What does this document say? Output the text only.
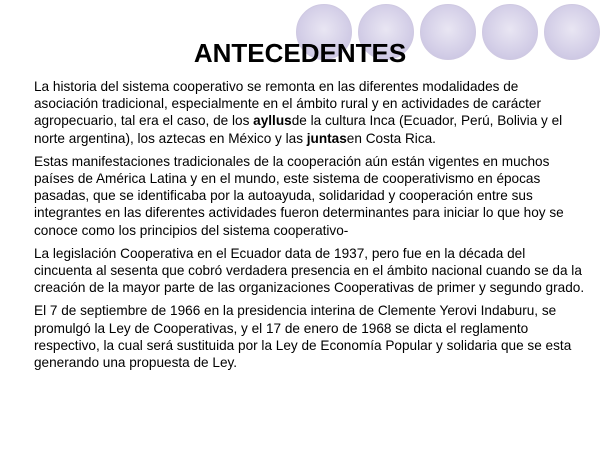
ANTECEDENTES

La historia del sistema cooperativo se remonta en las diferentes modalidades de asociación tradicional, especialmente en el ámbito rural y en actividades de carácter agropecuario, tal era el caso, de los ayllusde la cultura Inca (Ecuador, Perú, Bolivia y el norte argentina), los aztecas en México y las juntasen Costa Rica.

Estas manifestaciones tradicionales de la cooperación aún están vigentes en muchos países de América Latina y en el mundo, este sistema de cooperativismo en épocas pasadas, que se identificaba por la autoayuda, solidaridad y cooperación entre sus integrantes en las diferentes actividades fueron determinantes para iniciar lo que hoy se conoce como los principios del sistema cooperativo-

La legislación Cooperativa en el Ecuador data de 1937, pero fue en la década del cincuenta al sesenta que cobró verdadera presencia en el ámbito nacional cuando se da la creación de la mayor parte de las organizaciones Cooperativas de primer y segundo grado.

El 7 de septiembre de 1966 en la presidencia interina de Clemente Yerovi Indaburu, se promulgó la Ley de Cooperativas, y el 17 de enero de 1968 se dicta el reglamento respectivo, la cual será sustituida por la Ley de Economía Popular y solidaria que se esta generando una propuesta de Ley.
